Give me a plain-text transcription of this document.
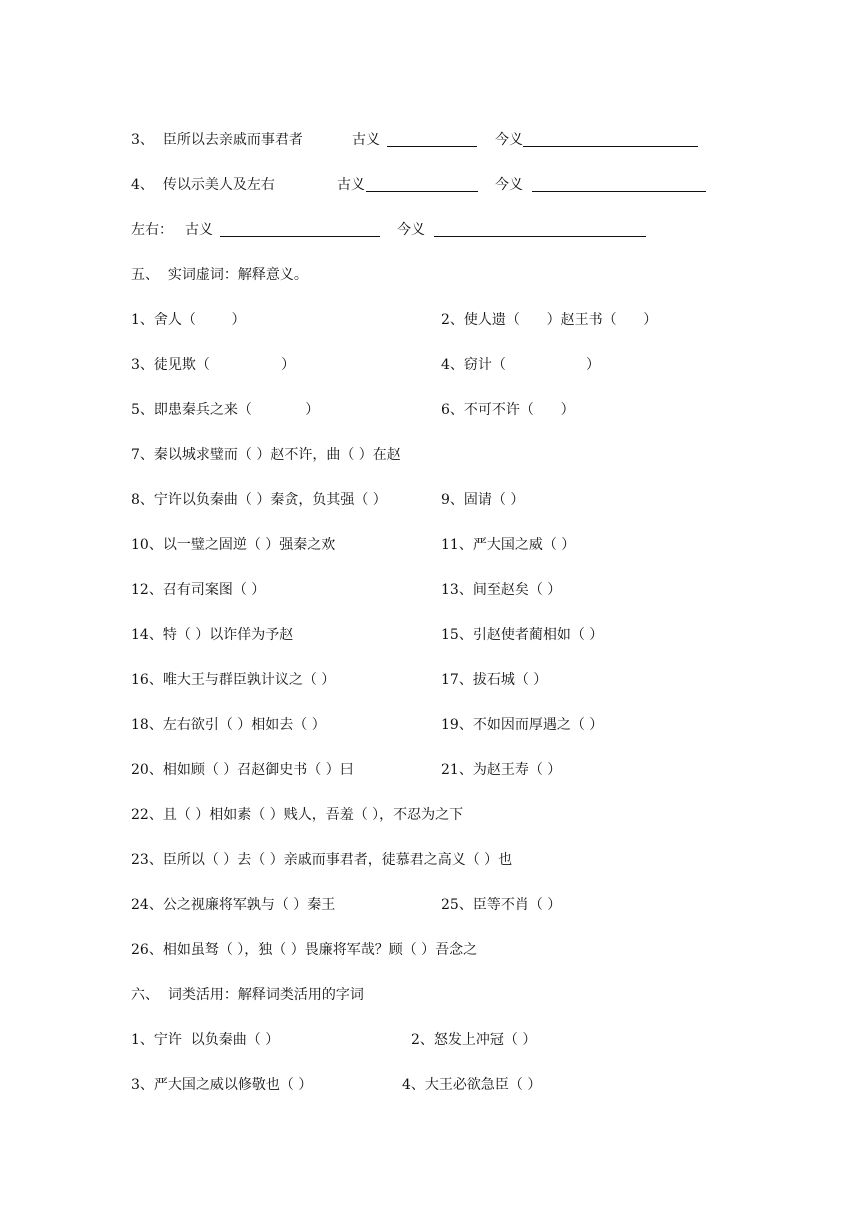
3、 臣所以去亲戚而事君者	古义	今义
4、 传以示美人及左右	古义	今义
左右： 古义	今义
五、  实词虚词：解释意义。
1、舍人（        ）	2、使人遗（      ）赵王书（      ）
3、徒见欺（                ）	4、窃计（                  ）
5、即患秦兵之来（            ）	6、不可不许（      ）
7、秦以城求璧而（ ）赵不许，曲（ ）在赵
8、宁许以负秦曲（ ）秦贪，负其强（ ）	9、固请（ ）
10、以一璧之固逆（ ）强秦之欢	11、严大国之威（ ）
12、召有司案图（ ）	13、间至赵矣（ ）
14、特（ ）以诈佯为予赵	15、引赵使者蔺相如（ ）
16、唯大王与群臣孰计议之（ ）	17、拔石城（ ）
18、左右欲引（ ）相如去（ ）	19、不如因而厚遇之（ ）
20、相如顾（ ）召赵御史书（ ）曰	21、为赵王寿（ ）
22、且（ ）相如素（ ）贱人，吾羞（ ），不忍为之下
23、臣所以（ ）去（ ）亲戚而事君者，徒慕君之高义（ ）也
24、公之视廉将军孰与（ ）秦王	25、臣等不肖（ ）
26、相如虽驽（ ），独（ ）畏廉将军哉？顾（ ）吾念之
六、  词类活用：解释词类活用的字词
1、宁许  以负秦曲（ ）	2、怒发上冲冠（ ）
3、严大国之威以修敬也（ ）	4、大王必欲急臣（ ）
